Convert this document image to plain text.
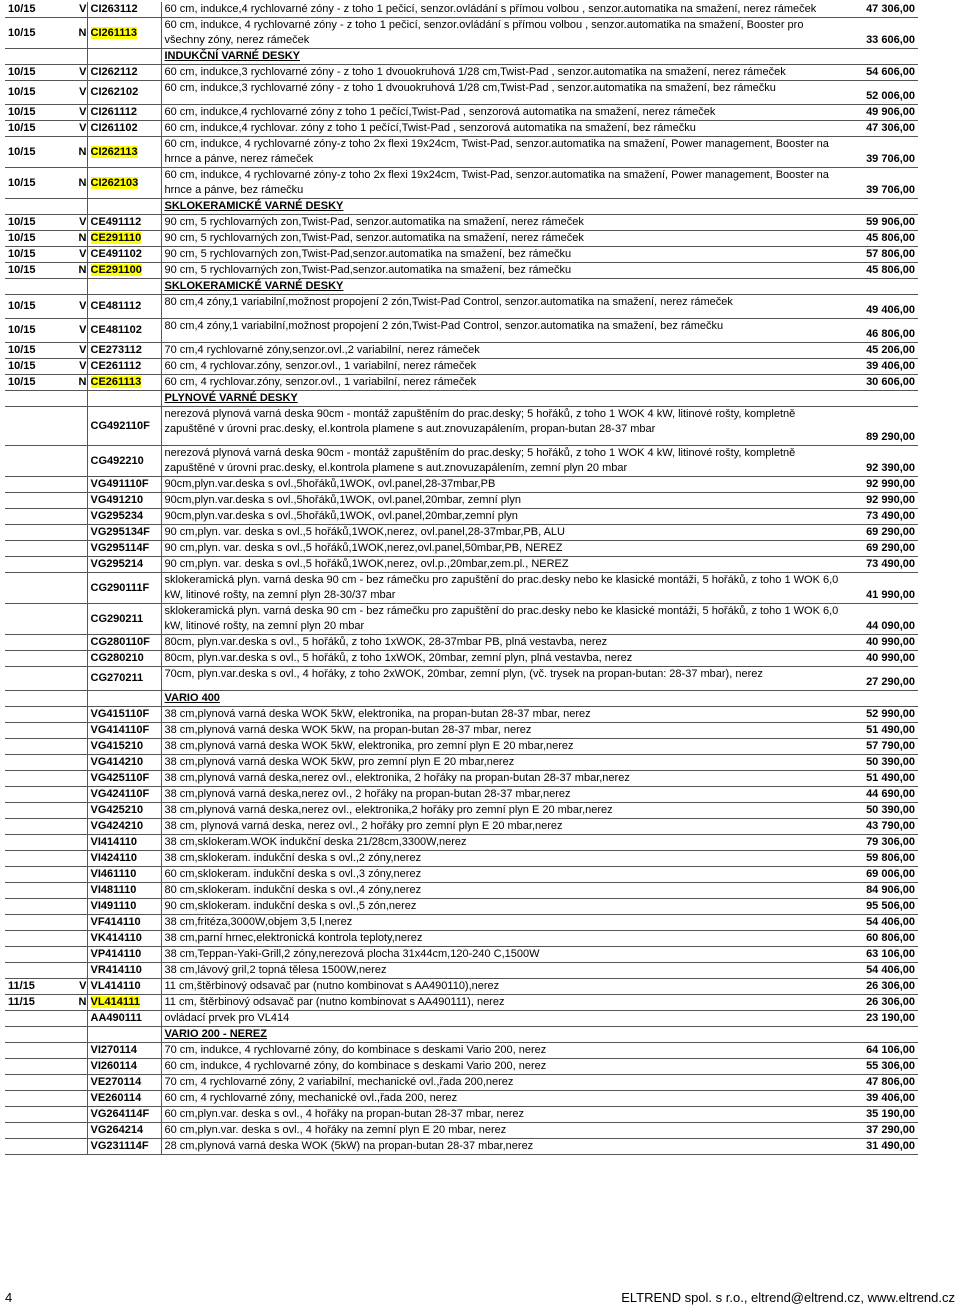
10/15	V	CI263112	60 cm, indukce,4 rychlovarné zóny - z toho 1 pečicí, senzor.ovládání s přímou volbou , senzor.automatika na smažení, nerez rámeček	47 306,00
10/15	N	CI261113	60 cm, indukce, 4 rychlovarné zóny - z toho 1 pečicí, senzor.ovládání s přímou volbou , senzor.automatika na smažení, Booster pro všechny zóny, nerez rámeček	33 606,00
			INDUKČNÍ VARNÉ DESKY	
10/15	V	CI262112	60 cm, indukce,3 rychlovarné zóny - z toho 1 dvouokruhová 1/28 cm,Twist-Pad , senzor.automatika na smažení, nerez rámeček	54 606,00
10/15	V	CI262102	60 cm, indukce,3 rychlovarné zóny - z toho 1 dvouokruhová 1/28 cm,Twist-Pad , senzor.automatika na smažení, bez rámečku	52 006,00
10/15	V	CI261112	60 cm, indukce,4 rychlovarné zóny z toho 1 pečící,Twist-Pad , senzorová automatika na smažení, nerez rámeček	49 906,00
10/15	V	CI261102	60 cm, indukce,4 rychlovar. zóny z toho 1 pečící,Twist-Pad , senzorová automatika na smažení, bez rámečku	47 306,00
10/15	N	CI262113	60 cm, indukce, 4 rychlovarné zóny-z toho 2x flexi 19x24cm, Twist-Pad, senzor.automatika na smažení, Power management, Booster na hrnce a pánve, nerez rámeček	39 706,00
10/15	N	CI262103	60 cm, indukce, 4 rychlovarné zóny-z toho 2x flexi 19x24cm, Twist-Pad, senzor.automatika na smažení, Power management, Booster na hrnce a pánve, bez rámečku	39 706,00
			SKLOKERAMICKÉ VARNÉ DESKY	
10/15	V	CE491112	90 cm, 5 rychlovarných zon,Twist-Pad, senzor.automatika na smažení, nerez rámeček	59 906,00
10/15	N	CE291110	90 cm, 5 rychlovarných zon,Twist-Pad, senzor.automatika na smažení, nerez rámeček	45 806,00
10/15	V	CE491102	90 cm, 5 rychlovarných zon,Twist-Pad,senzor.automatika na smažení, bez rámečku	57 806,00
10/15	N	CE291100	90 cm, 5 rychlovarných zon,Twist-Pad,senzor.automatika na smažení, bez rámečku	45 806,00
			SKLOKERAMICKÉ VARNÉ DESKY	
10/15	V	CE481112	80 cm,4 zóny,1 variabilní,možnost propojení 2 zón,Twist-Pad Control, senzor.automatika na smažení, nerez rámeček	49 406,00
10/15	V	CE481102	80 cm,4 zóny,1 variabilní,možnost propojení 2 zón,Twist-Pad Control, senzor.automatika na smažení, bez rámečku	46 806,00
10/15	V	CE273112	70 cm,4 rychlovarné zóny,senzor.ovl.,2 variabilní, nerez rámeček	45 206,00
10/15	V	CE261112	60 cm, 4 rychlovar.zóny, senzor.ovl., 1 variabilní, nerez rámeček	39 406,00
10/15	N	CE261113	60 cm, 4 rychlovar.zóny, senzor.ovl., 1 variabilní, nerez rámeček	30 606,00
			PLYNOVÉ VARNÉ DESKY	
		CG492110F	nerezová plynová varná deska 90cm - montáž zapuštěním do prac.desky; 5 hořáků, z toho 1 WOK 4 kW, litinové rošty, kompletně zapuštěné v úrovni prac.desky, el.kontrola plamene s aut.znovuzapálením, propan-butan 28-37 mbar	89 290,00
		CG492210	nerezová plynová varná deska 90cm - montáž zapuštěním do prac.desky; 5 hořáků, z toho 1 WOK 4 kW, litinové rošty, kompletně zapuštěné v úrovni prac.desky, el.kontrola plamene s aut.znovuzapálením, zemní plyn 20 mbar	92 390,00
		VG491110F	90cm,plyn.var.deska s ovl.,5hořáků,1WOK, ovl.panel,28-37mbar,PB	92 990,00
		VG491210	90cm,plyn.var.deska s ovl.,5hořáků,1WOK, ovl.panel,20mbar, zemní plyn	92 990,00
		VG295234	90cm,plyn.var.deska s ovl.,5hořáků,1WOK, ovl.panel,20mbar,zemní plyn	73 490,00
		VG295134F	90 cm,plyn. var. deska s ovl.,5 hořáků,1WOK,nerez, ovl.panel,28-37mbar,PB, ALU	69 290,00
		VG295114F	90 cm,plyn. var. deska s ovl.,5 hořáků,1WOK,nerez,ovl.panel,50mbar,PB, NEREZ	69 290,00
		VG295214	90 cm,plyn. var. deska s ovl.,5 hořáků,1WOK,nerez, ovl.p.,20mbar,zem.pl., NEREZ	73 490,00
		CG290111F	sklokeramická plyn. varná deska 90 cm - bez rámečku pro zapuštění do prac.desky nebo ke klasické montáži, 5 hořáků, z toho 1 WOK 6,0 kW, litinové rošty, na zemní plyn 28-30/37 mbar	41 990,00
		CG290211	sklokeramická plyn. varná deska 90 cm - bez rámečku pro zapuštění do prac.desky nebo ke klasické montáži, 5 hořáků, z toho 1 WOK 6,0 kW, litinové rošty, na zemní plyn 20 mbar	44 090,00
		CG280110F	80cm, plyn.var.deska s ovl., 5 hořáků, z toho 1xWOK, 28-37mbar PB, plná vestavba, nerez	40 990,00
		CG280210	80cm, plyn.var.deska s ovl., 5 hořáků, z toho 1xWOK, 20mbar, zemní plyn, plná vestavba, nerez	40 990,00
		CG270211	70cm, plyn.var.deska s ovl., 4 hořáky, z toho 2xWOK, 20mbar, zemní plyn, (vč. trysek na propan-butan: 28-37 mbar), nerez	27 290,00
			VARIO 400	
		VG415110F	38 cm,plynová varná deska WOK 5kW, elektronika, na propan-butan 28-37 mbar, nerez	52 990,00
		VG414110F	38 cm,plynová varná deska WOK 5kW, na propan-butan 28-37 mbar, nerez	51 490,00
		VG415210	38 cm,plynová varná deska WOK 5kW, elektronika, pro zemní plyn E 20 mbar,nerez	57 790,00
		VG414210	38 cm,plynová varná deska WOK 5kW, pro zemní plyn E 20 mbar,nerez	50 390,00
		VG425110F	38 cm,plynová varná deska,nerez ovl., elektronika, 2 hořáky na propan-butan 28-37 mbar,nerez	51 490,00
		VG424110F	38 cm,plynová varná deska,nerez ovl., 2 hořáky na propan-butan 28-37 mbar,nerez	44 690,00
		VG425210	38 cm,plynová varná deska,nerez ovl., elektronika,2 hořáky pro zemní plyn E 20 mbar,nerez	50 390,00
		VG424210	38 cm, plynová varná deska, nerez ovl., 2 hořáky pro zemní plyn E 20 mbar,nerez	43 790,00
		VI414110	38 cm,sklokeram.WOK indukční deska 21/28cm,3300W,nerez	79 306,00
		VI424110	38 cm,sklokeram. indukční deska s ovl.,2 zóny,nerez	59 806,00
		VI461110	60 cm,sklokeram. indukční deska s ovl.,3 zóny,nerez	69 006,00
		VI481110	80 cm,sklokeram. indukční deska s ovl.,4 zóny,nerez	84 906,00
		VI491110	90 cm,sklokeram. indukční deska s ovl.,5 zón,nerez	95 506,00
		VF414110	38 cm,fritéza,3000W,objem 3,5 l,nerez	54 406,00
		VK414110	38 cm,parní hrnec,elektronická kontrola teploty,nerez	60 806,00
		VP414110	38 cm,Teppan-Yaki-Grill,2 zóny,nerezová plocha 31x44cm,120-240 C,1500W	63 106,00
		VR414110	38 cm,lávový gril,2 topná tělesa 1500W,nerez	54 406,00
11/15	V	VL414110	11 cm,štěrbinový odsavač par (nutno kombinovat s AA490110),nerez	26 306,00
11/15	N	VL414111	11 cm, štěrbinový odsavač par (nutno kombinovat s AA490111), nerez	26 306,00
		AA490111	ovládací prvek pro VL414	23 190,00
			VARIO 200 - NEREZ	
		VI270114	70 cm, indukce, 4 rychlovarné zóny, do kombinace s deskami Vario 200, nerez	64 106,00
		VI260114	60 cm, indukce, 4 rychlovarné zóny, do kombinace s deskami Vario 200, nerez	55 306,00
		VE270114	70 cm, 4 rychlovarné zóny, 2 variabilní, mechanické ovl.,řada 200,nerez	47 806,00
		VE260114	60 cm, 4 rychlovarné zóny, mechanické ovl.,řada 200, nerez	39 406,00
		VG264114F	60 cm,plyn.var. deska s ovl., 4 hořáky na propan-butan 28-37 mbar, nerez	35 190,00
		VG264214	60 cm,plyn.var. deska s ovl., 4 hořáky na zemní plyn E 20 mbar, nerez	37 290,00
		VG231114F	28 cm,plynová varná deska WOK (5kW) na propan-butan 28-37 mbar,nerez	31 490,00
4	ELTREND spol. s r.o., eltrend@eltrend.cz, www.eltrend.cz
